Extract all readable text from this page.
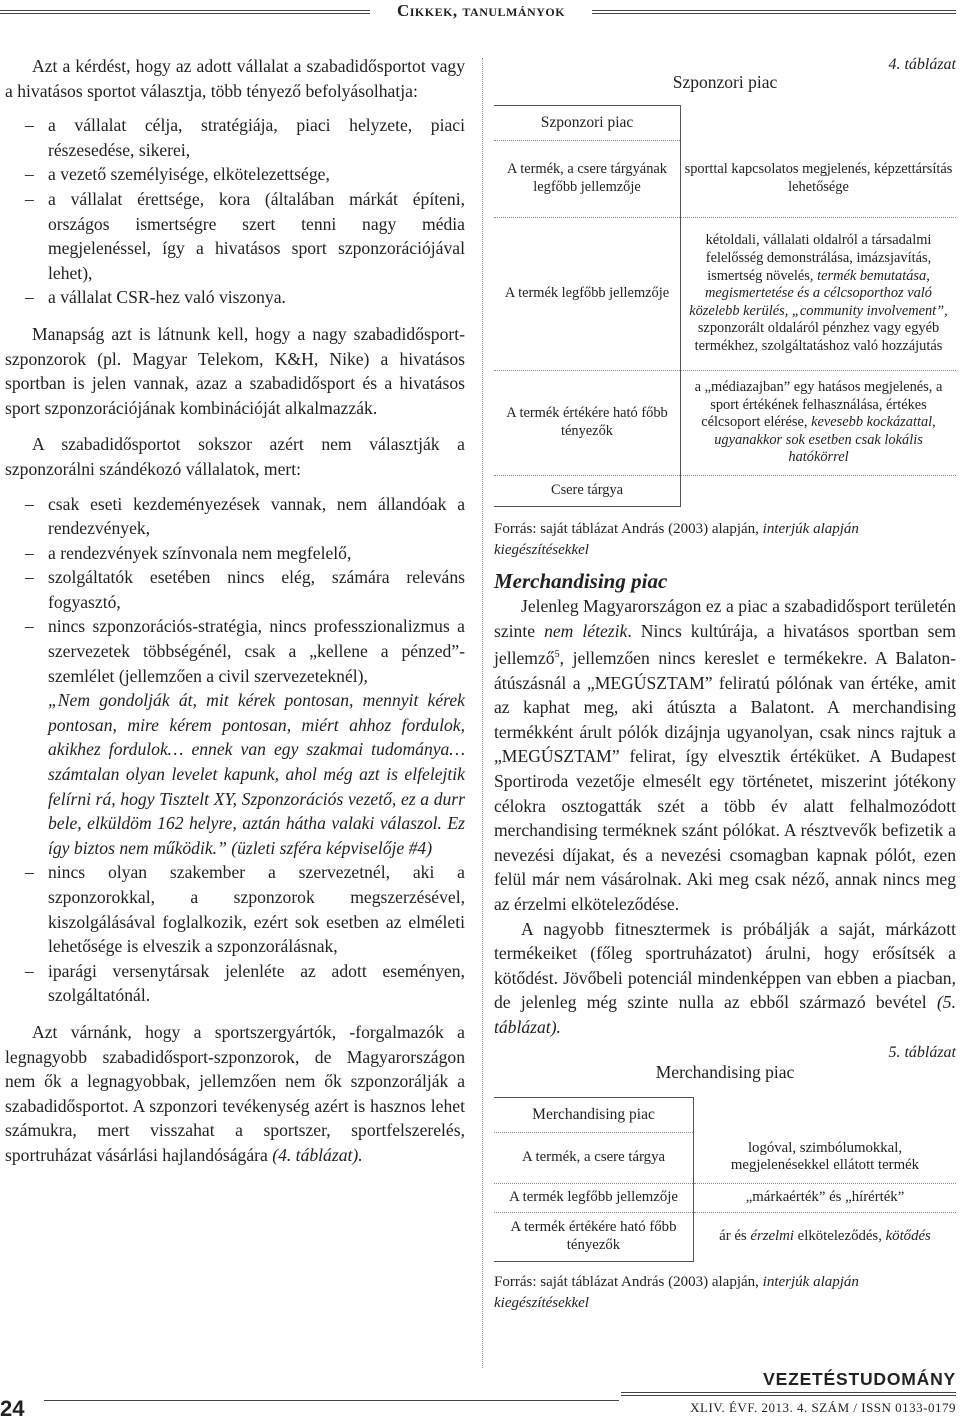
Cikkek, tanulmányok

Azt a kérdést, hogy az adott vállalat a szabadidősportot vagy a hivatásos sportot választja, több tényező befolyásolhatja:

– a vállalat célja, stratégiája, piaci helyzete, piaci részesedése, sikerei,
– a vezető személyisége, elkötelezettsége,
– a vállalat érettsége, kora (általában márkát építeni, országos ismertségre szert tenni nagy média megjelenéssel, így a hivatásos sport szponzorációjával lehet),
– a vállalat CSR-hez való viszonya.

Manapság azt is látnunk kell, hogy a nagy szabadidősport-szponzorok (pl. Magyar Telekom, K&H, Nike) a hivatásos sportban is jelen vannak, azaz a szabadidősport és a hivatásos sport szponzorációjának kombinációját alkalmazzák.

A szabadidősportot sokszor azért nem választják a szponzorálni szándékozó vállalatok, mert:

– csak eseti kezdeményezések vannak, nem állandóak a rendezvények,
– a rendezvények színvonala nem megfelelő,
– szolgáltatók esetében nincs elég, számára releváns fogyasztó,
– nincs szponzorációs-stratégia, nincs professzionalizmus a szervezetek többségénél, csak a „kellene a pénzed”-szemlélet (jellemzően a civil szervezeteknél),
„Nem gondolják át, mit kérek pontosan, mennyit kérek pontosan, mire kérem pontosan, miért ahhoz fordulok, akikhez fordulok… ennek van egy szakmai tudománya… számtalan olyan levelet kapunk, ahol még azt is elfelejtik felírni rá, hogy Tisztelt XY, Szponzorációs vezető, ez a durr bele, elküldöm 162 helyre, aztán hátha valaki válaszol. Ez így biztos nem működik.” (üzleti szféra képviselője #4)
– nincs olyan szakember a szervezetnél, aki a szponzorokkal, a szponzorok megszerzésével, kiszolgálásával foglalkozik, ezért sok esetben az elméleti lehetősége is elveszik a szponzorálásnak,
– iparági versenytársak jelenléte az adott eseményen, szolgáltatónál.

Azt várnánk, hogy a sportszergyártók, -forgalmazók a legnagyobb szabadidősport-szponzorok, de Magyarországon nem ők a legnagyobbak, jellemzően nem ők szponzorálják a szabadidősportot. A szponzori tevékenység azért is hasznos lehet számukra, mert visszahat a sportszer, sportfelszerelés, sportruházat vásárlási hajlandóságára (4. táblázat).

4. táblázat
Szponzori piac
Szponzori piac	
A termék, a csere tárgyának legfőbb jellemzője	sporttal kapcsolatos megjelenés, képzettársítás lehetősége
A termék legfőbb jellemzője	kétoldali, vállalati oldalról a társadalmi felelősség demonstrálása, imázsjavítás, ismertség növelés, termék bemutatása, megismertetése és a célcsoporthoz való közelebb kerülés, „community involvement”, szponzorált oldaláról pénzhez vagy egyéb termékhez, szolgáltatáshoz való hozzájutás
A termék értékére ható főbb tényezők	a „médiazajban” egy hatásos megjelenés, a sport értékének felhasználása, értékes célcsoport elérése, kevesebb kockázattal, ugyanakkor sok esetben csak lokális hatókörrel
Csere tárgya	
Forrás: saját táblázat András (2003) alapján, interjúk alapján kiegészítésekkel
Merchandising piac

Jelenleg Magyarországon ez a piac a szabadidősport területén szinte nem létezik. Nincs kultúrája, a hivatásos sportban sem jellemző$^5$, jellemzően nincs kereslet e termékekre. A Balaton-átúszásnál a „MEGÚSZTAM” feliratú pólónak van értéke, amit az kaphat meg, aki átúszta a Balatont. A merchandising termékként árult pólók dizájnja ugyanolyan, csak nincs rajtuk a „MEGÚSZTAM” felirat, így elvesztik értéküket. A Budapest Sportiroda vezetője elmesélt egy történetet, miszerint jótékony célokra osztogatták szét a több év alatt felhalmozódott merchandising terméknek szánt pólókat. A résztvevők befizetik a nevezési díjakat, és a nevezési csomagban kapnak pólót, ezen felül már nem vásárolnak. Aki meg csak néző, annak nincs meg az érzelmi elköteleződése.

A nagyobb fitnesztermek is próbálják a saját, márkázott termékeiket (főleg sportruházatot) árulni, hogy erősítsék a kötődést. Jövőbeli potenciál mindenképpen van ebben a piacban, de jelenleg még szinte nulla az ebből származó bevétel (5. táblázat).

5. táblázat
Merchandising piac
Merchandising piac	
A termék, a csere tárgya	logóval, szimbólumokkal, megjelenésekkel ellátott termék
A termék legfőbb jellemzője	„márkaérték” és „hírérték”
A termék értékére ható főbb tényezők	ár és érzelmi elköteleződés, kötődés
Forrás: saját táblázat András (2003) alapján, interjúk alapján kiegészítésekkel
24
VEZETÉSTUDOMÁNY
XLIV. ÉVF. 2013. 4. SZÁM / ISSN 0133-0179
